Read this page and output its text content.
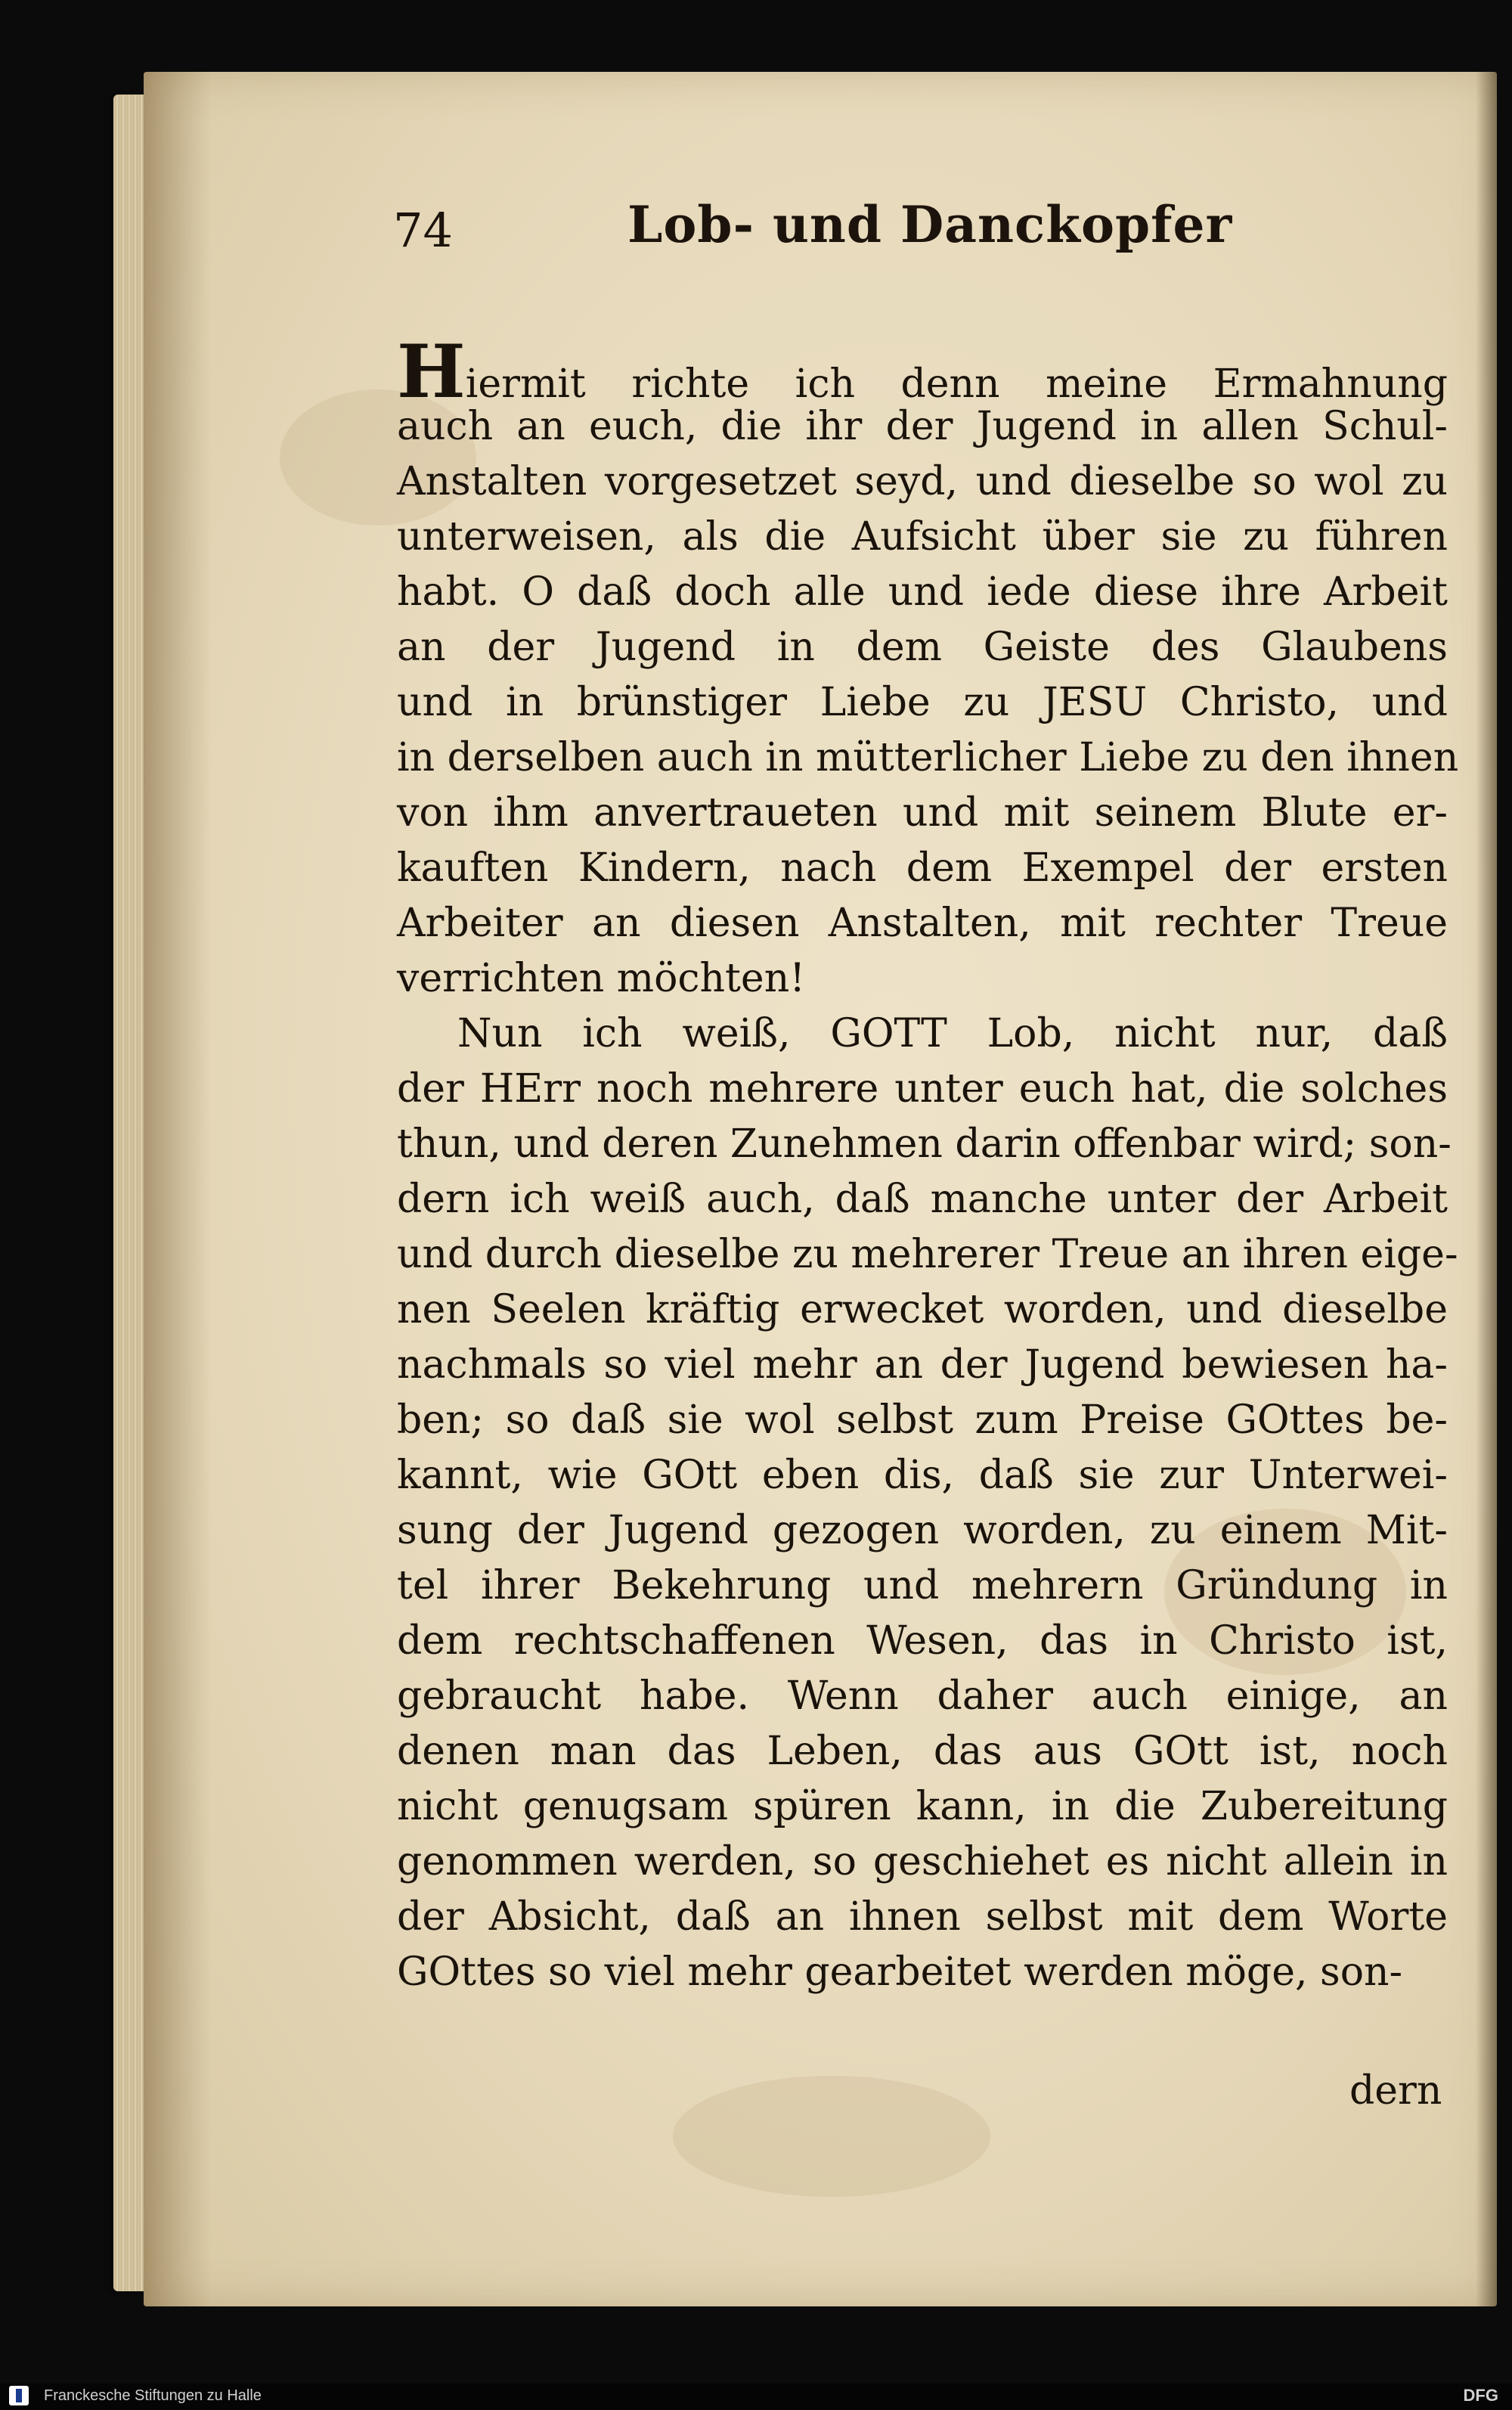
74	Lob- und Danckopfer
Hiermit richte ich denn meine Ermahnung
auch an euch, die ihr der Jugend in allen Schul-
Anstalten vorgesetzet seyd, und dieselbe so wol zu
unterweisen, als die Aufsicht über sie zu führen
habt. O daß doch alle und iede diese ihre Arbeit
an der Jugend in dem Geiste des Glaubens
und in brünstiger Liebe zu JESU Christo, und
in derselben auch in mütterlicher Liebe zu den ihnen
von ihm anvertraueten und mit seinem Blute er-
kauften Kindern, nach dem Exempel der ersten
Arbeiter an diesen Anstalten, mit rechter Treue
verrichten möchten!
Nun ich weiß, GOTT Lob, nicht nur, daß
der HErr noch mehrere unter euch hat, die solches
thun, und deren Zunehmen darin offenbar wird; son-
dern ich weiß auch, daß manche unter der Arbeit
und durch dieselbe zu mehrerer Treue an ihren eige-
nen Seelen kräftig erwecket worden, und dieselbe
nachmals so viel mehr an der Jugend bewiesen ha-
ben; so daß sie wol selbst zum Preise GOttes be-
kannt, wie GOtt eben dis, daß sie zur Unterwei-
sung der Jugend gezogen worden, zu einem Mit-
tel ihrer Bekehrung und mehrern Gründung in
dem rechtschaffenen Wesen, das in Christo ist,
gebraucht habe. Wenn daher auch einige, an
denen man das Leben, das aus GOtt ist, noch
nicht genugsam spüren kann, in die Zubereitung
genommen werden, so geschiehet es nicht allein in
der Absicht, daß an ihnen selbst mit dem Worte
GOttes so viel mehr gearbeitet werden möge, son-
dern
Franckesche Stiftungen zu Halle	DFG
